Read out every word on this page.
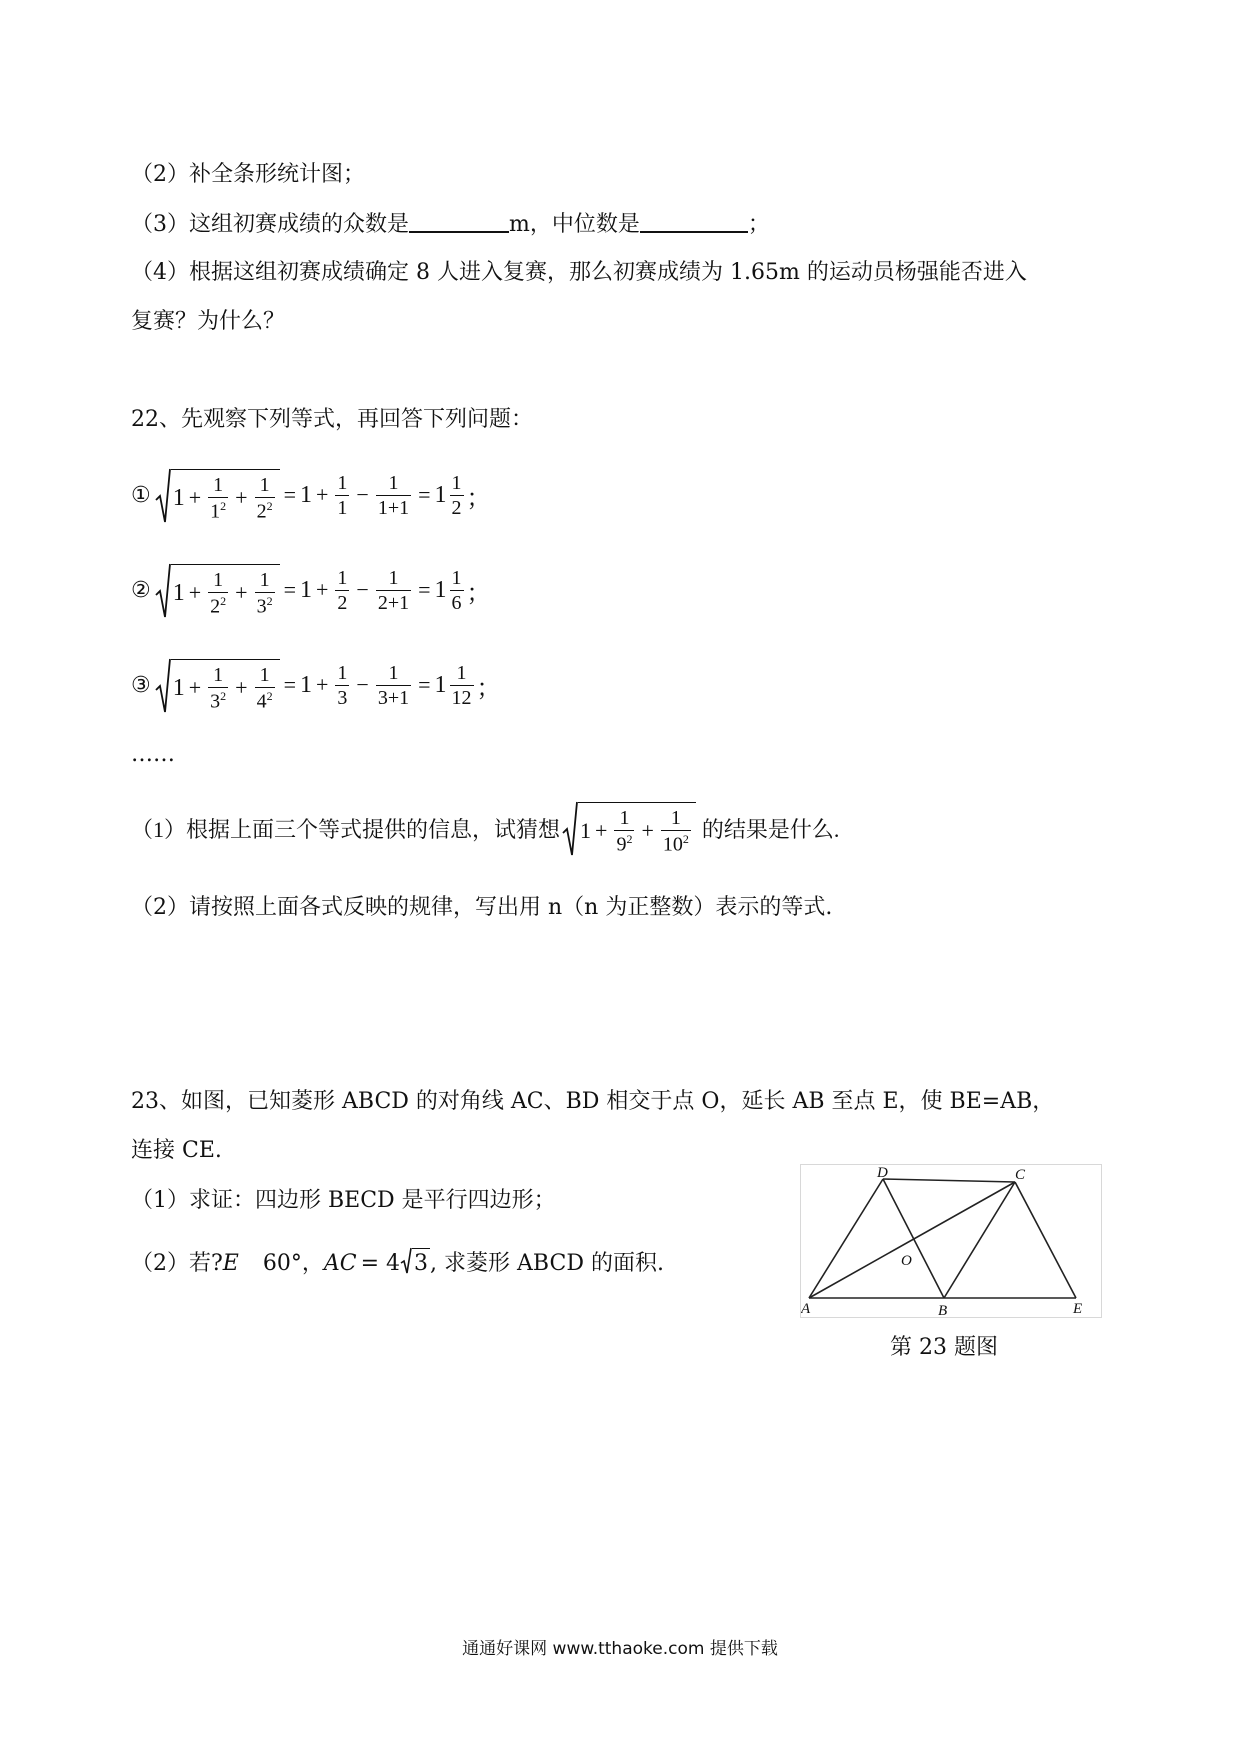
（2）补全条形统计图；
（3）这组初赛成绩的众数是	m，中位数是	；
（4）根据这组初赛成绩确定 8 人进入复赛，那么初赛成绩为 1.65m 的运动员杨强能否进入
复赛？为什么？
22、先观察下列等式，再回答下列问题：
① $1 + \frac{1}{1^2} + \frac{1}{2^2} = 1 + \frac{1}{1} - \frac{1}{1+1} = 1 \frac{1}{2}$ ；
② $1 + \frac{1}{2^2} + \frac{1}{3^2} = 1 + \frac{1}{2} - \frac{1}{2+1} = 1 \frac{1}{6}$ ；
③ $1 + \frac{1}{3^2} + \frac{1}{4^2} = 1 + \frac{1}{3} - \frac{1}{3+1} = 1 \frac{1}{12}$ ；
……
（1）根据上面三个等式提供的信息，试猜想 $1 + \frac{1}{9^2} + \frac{1}{10^2}$ 的结果是什么.
（2）请按照上面各式反映的规律，写出用 n（n 为正整数）表示的等式.
23、如图，已知菱形 ABCD 的对角线 AC、BD 相交于点 O，延长 AB 至点 E，使 BE=AB，
连接 CE.
（1）求证：四边形 BECD 是平行四边形；
（2）若?E 60°，AC = 4 3 , 求菱形 ABCD 的面积.
A	B
C
D
E
O
第 23 题图
通通好课网 www.tthaoke.com 提供下载
